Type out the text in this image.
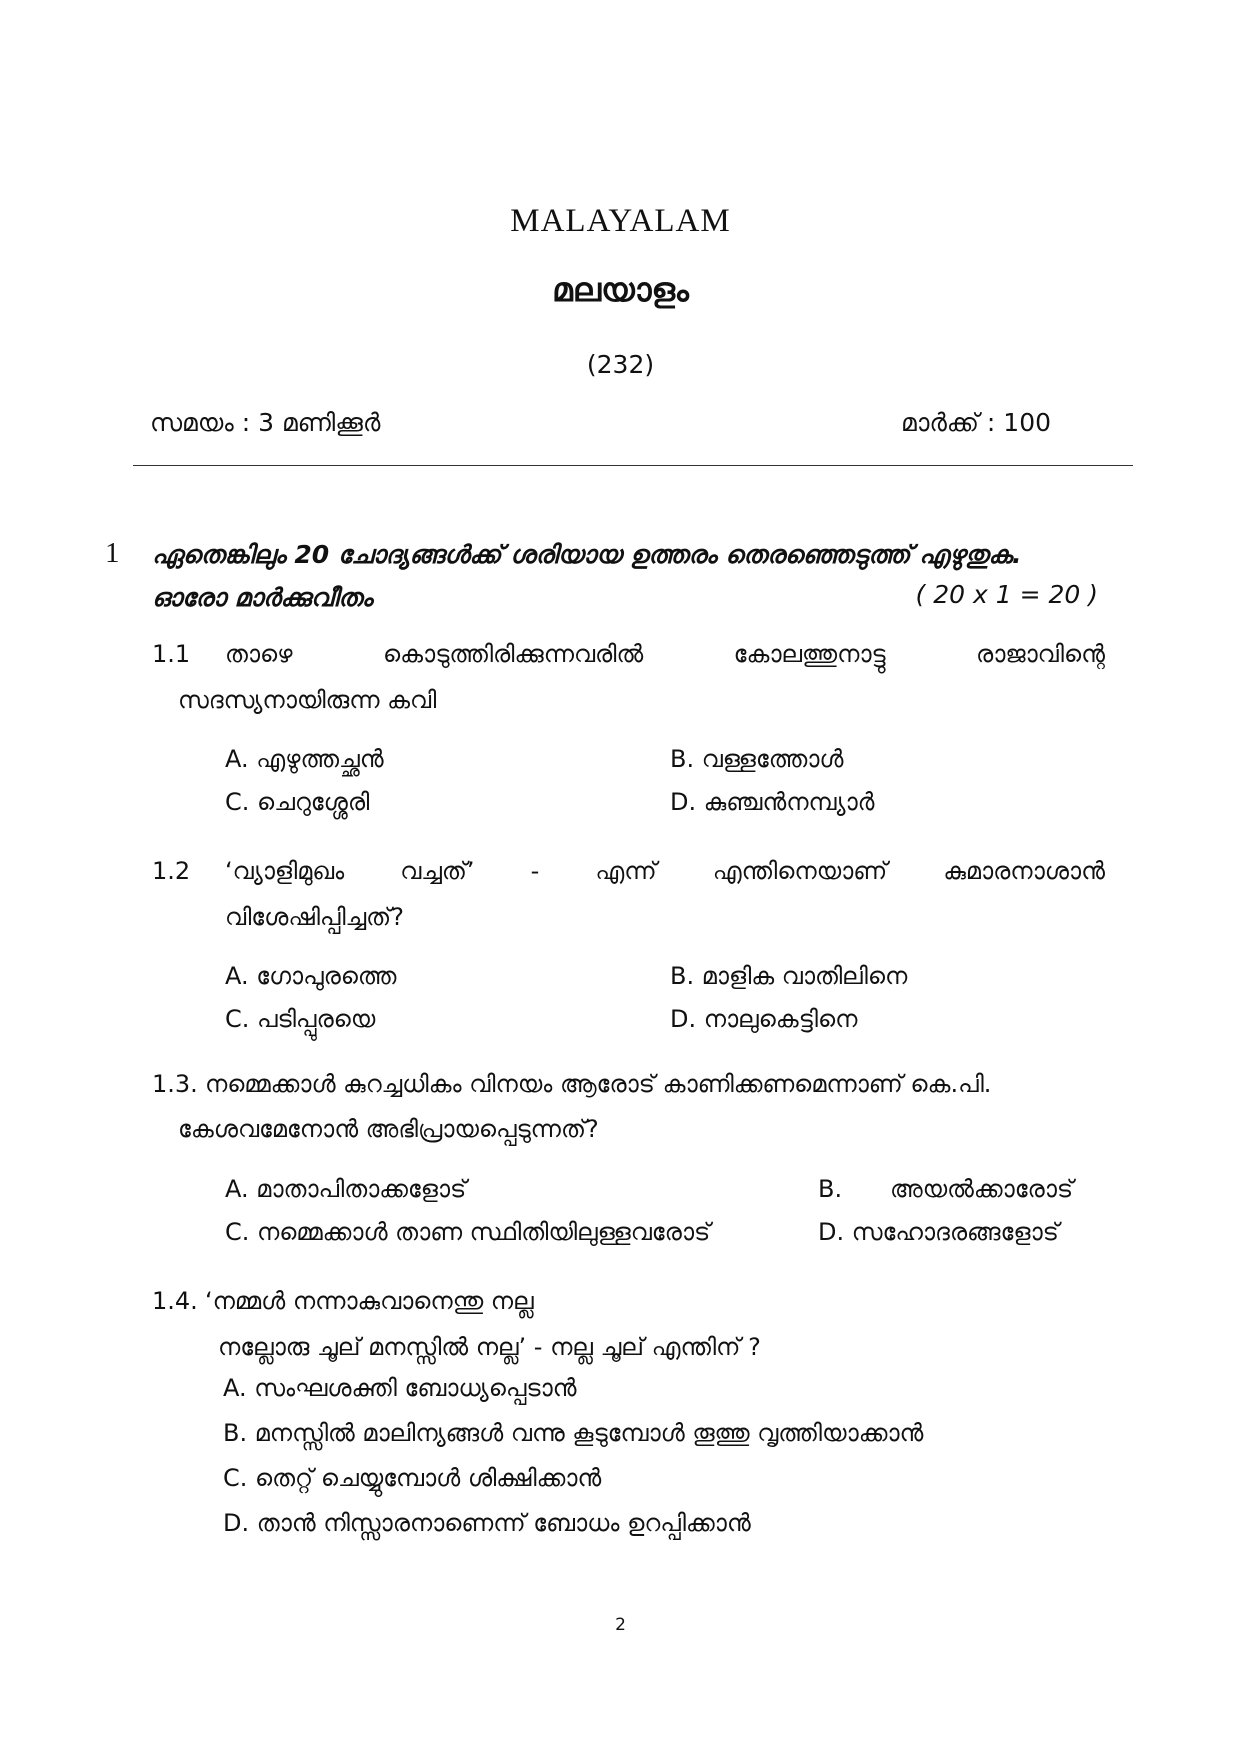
MALAYALAM
മലയാളം
(232)
സമയം : 3 മണിക്കൂർ	മാർക്ക് : 100
1 ഏതെങ്കിലും 20 ചോദ്യങ്ങൾക്ക് ശരിയായ ഉത്തരം തെരഞ്ഞെടുത്ത് എഴുതുക.
ഓരോ മാർക്കുവീതം	( 20 x 1 = 20 )
1.1 താഴെ	കൊടുത്തിരിക്കുന്നവരിൽ	കോലത്തുനാട്ടു	രാജാവിന്റെ
സദസ്യനായിരുന്ന കവി
A. എഴുത്തച്ഛൻ	B. വള്ളത്തോൾ
C. ചെറുശ്ശേരി	D. കുഞ്ചൻനമ്പ്യാർ
1.2 ‘വ്യാളിമുഖം വച്ചത്’ - എന്ന് എന്തിനെയാണ് കുമാരനാശാൻ
വിശേഷിപ്പിച്ചത്?
A. ഗോപുരത്തെ	B. മാളിക വാതിലിനെ
C. പടിപ്പുരയെ	D. നാലുകെട്ടിനെ
1.3. നമ്മെക്കാൾ കുറച്ചധികം വിനയം ആരോട് കാണിക്കണമെന്നാണ് കെ.പി.
കേശവമേനോൻ അഭിപ്രായപ്പെടുന്നത്?
A. മാതാപിതാക്കളോട്	B. അയൽക്കാരോട്
C. നമ്മെക്കാൾ താണ സ്ഥിതിയിലുള്ളവരോട്	D. സഹോദരങ്ങളോട്
1.4. ‘നമ്മൾ നന്നാകുവാനെന്തു നല്ല
നല്ലോരു ചൂല് മനസ്സിൽ നല്ല’ - നല്ല ചൂല് എന്തിന് ?
A. സംഘശക്തി ബോധ്യപ്പെടാൻ
B. മനസ്സിൽ മാലിന്യങ്ങൾ വന്നു കൂടുമ്പോൾ തൂത്തു വൃത്തിയാക്കാൻ
C. തെറ്റ് ചെയ്യുമ്പോൾ ശിക്ഷിക്കാൻ
D. താൻ നിസ്സാരനാണെന്ന് ബോധം ഉറപ്പിക്കാൻ
2
